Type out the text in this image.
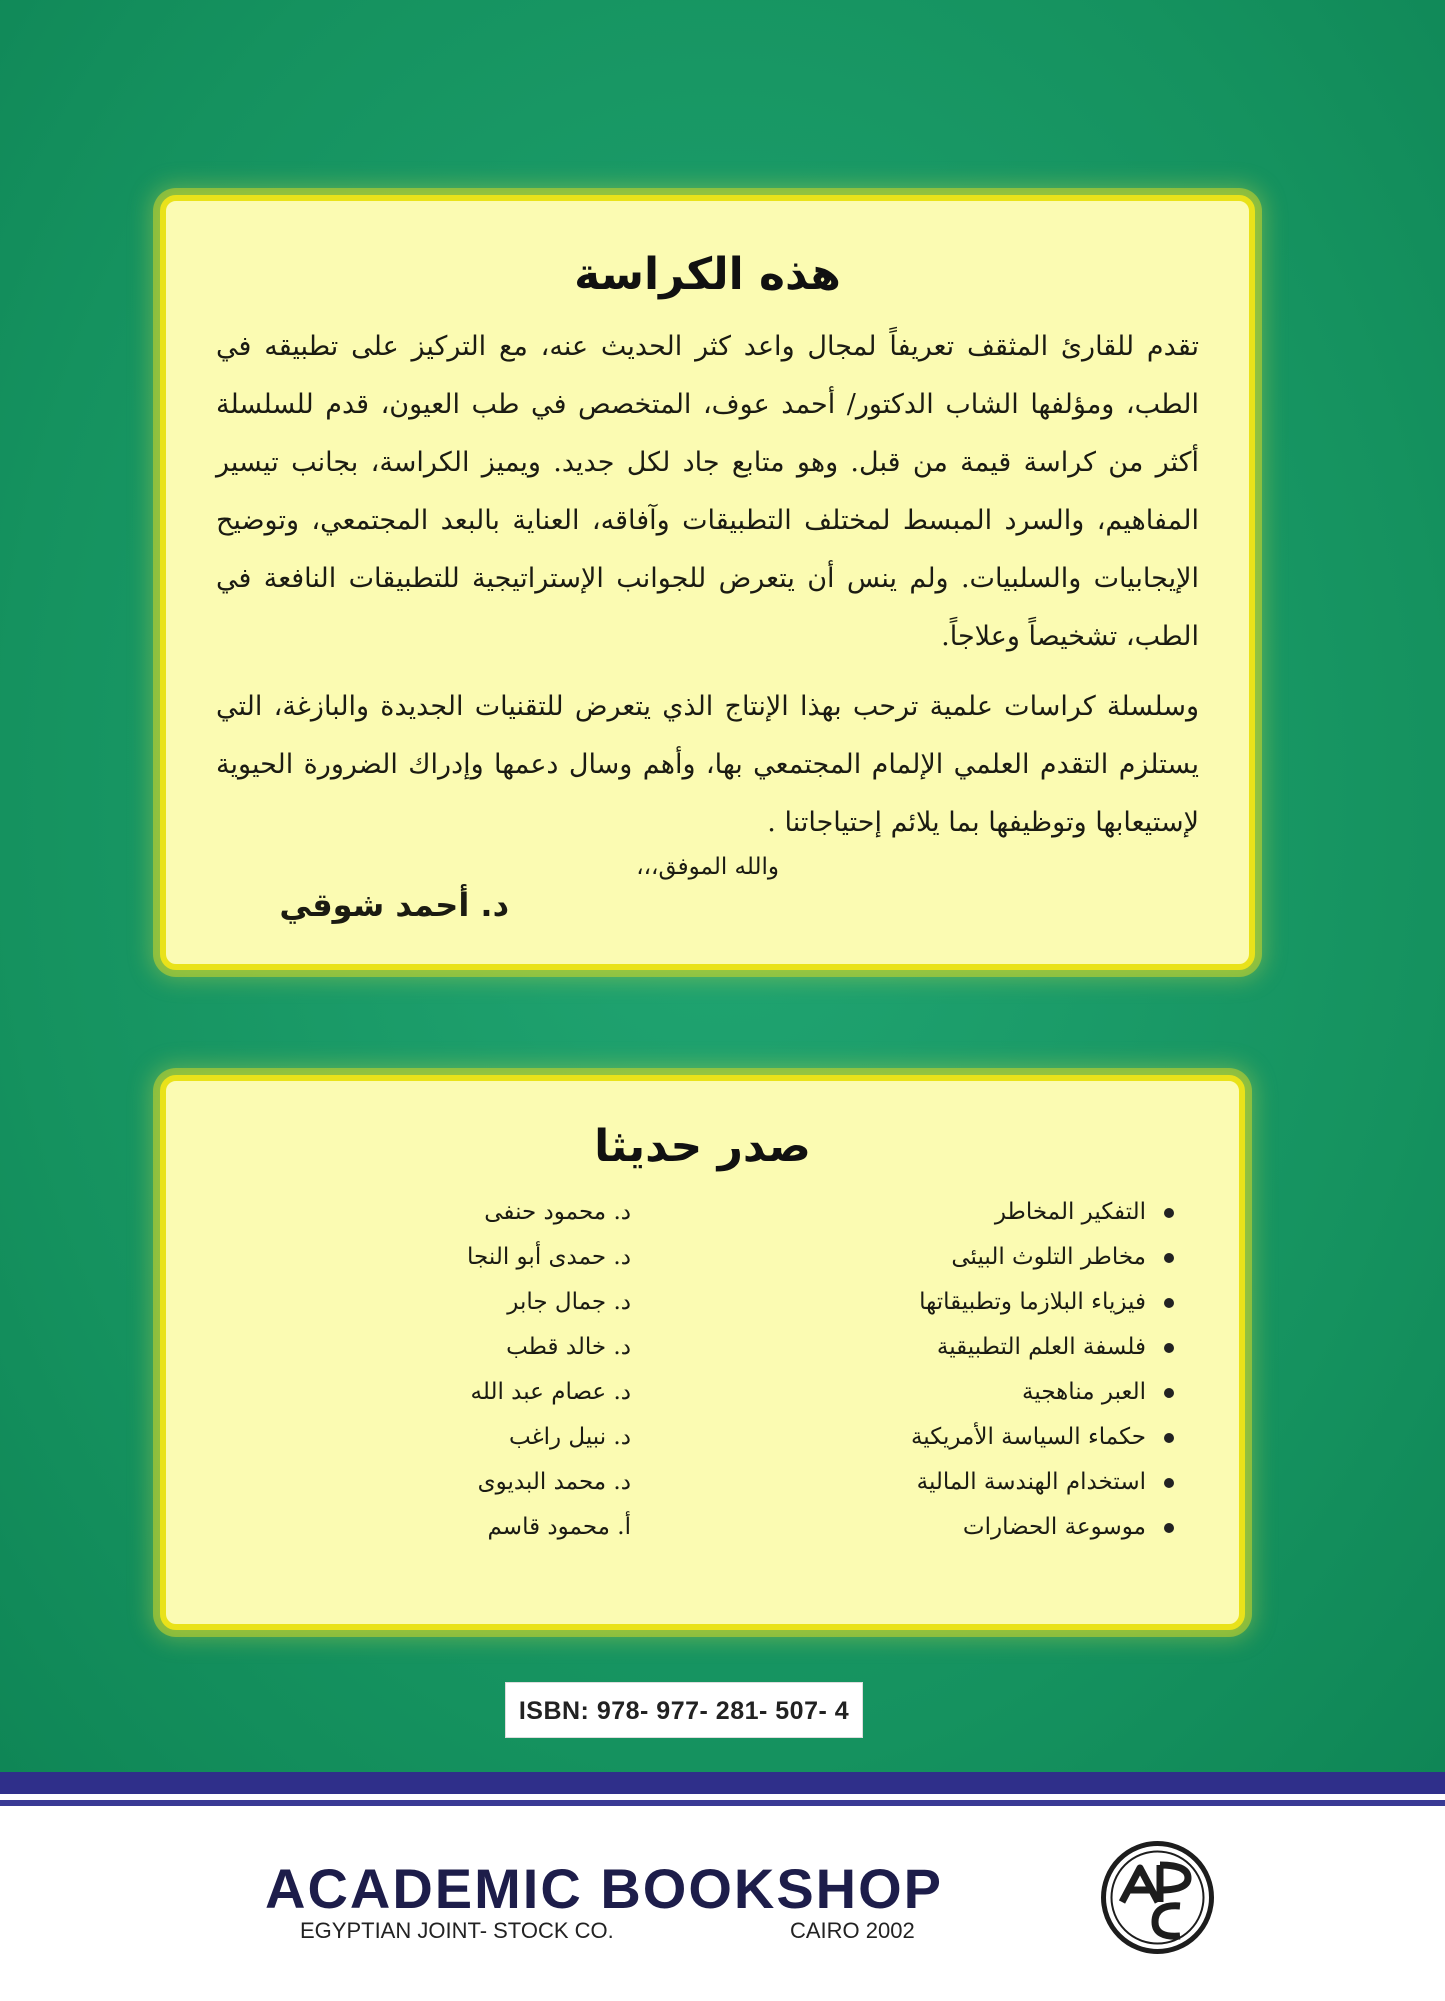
هذه الكراسة

تقدم للقارئ المثقف تعريفاً لمجال واعد كثر الحديث عنه، مع التركيز على تطبيقه في الطب، ومؤلفها الشاب الدكتور/ أحمد عوف، المتخصص في طب العيون، قدم للسلسلة أكثر من كراسة قيمة من قبل. وهو متابع جاد لكل جديد. ويميز الكراسة، بجانب تيسير المفاهيم، والسرد المبسط لمختلف التطبيقات وآفاقه، العناية بالبعد المجتمعي، وتوضيح الإيجابيات والسلبيات. ولم ينس أن يتعرض للجوانب الإستراتيجية للتطبيقات النافعة في الطب، تشخيصاً وعلاجاً.

وسلسلة كراسات علمية ترحب بهذا الإنتاج الذي يتعرض للتقنيات الجديدة والبازغة، التي يستلزم التقدم العلمي الإلمام المجتمعي بها، وأهم وسال دعمها وإدراك الضرورة الحيوية لإستيعابها وتوظيفها بما يلائم إحتياجاتنا .

والله الموفق،،،
د. أحمد شوقي
صدر حديثا
التفكير المخاطر
مخاطر التلوث البيئى
فيزياء البلازما وتطبيقاتها
فلسفة العلم التطبيقية
العبر مناهجية
حكماء السياسة الأمريكية
استخدام الهندسة المالية
موسوعة الحضارات
د. محمود حنفى
د. حمدى أبو النجا
د. جمال جابر
د. خالد قطب
د. عصام عبد الله
د. نبيل راغب
د. محمد البديوى
أ. محمود قاسم
ISBN: 978- 977- 281- 507- 4
ACADEMIC BOOKSHOP
EGYPTIAN JOINT- STOCK CO.	CAIRO 2002
